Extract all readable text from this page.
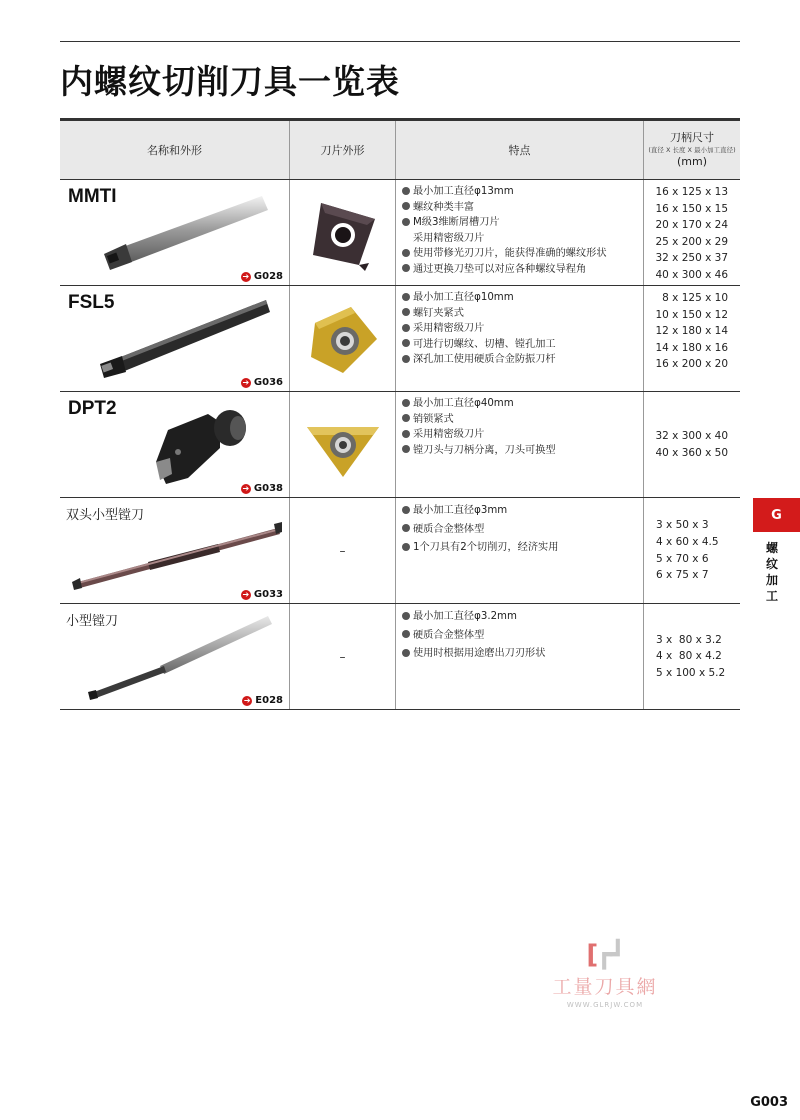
内螺纹切削刀具一览表
名称和外形	刀片外形	特点
刀柄尺寸
(直径 X 长度 X 最小加工直径)
(mm)
MMTI
➔ G028
最小加工直径φ13mm
螺纹种类丰富
M级3维断屑槽刀片
采用精密级刀片
使用带修光刃刀片，能获得准确的螺纹形状
通过更换刀垫可以对应各种螺纹导程角
16 x 125 x 13
16 x 150 x 15
20 x 170 x 24
25 x 200 x 29
32 x 250 x 37
40 x 300 x 46
FSL5
➔ G036
最小加工直径φ10mm
螺钉夹紧式
采用精密级刀片
可进行切螺纹、切槽、镗孔加工
深孔加工使用硬质合金防振刀杆
8 x 125 x 10
10 x 150 x 12
12 x 180 x 14
14 x 180 x 16
16 x 200 x 20
DPT2
➔ G038
最小加工直径φ40mm
销锁紧式
采用精密级刀片
镗刀头与刀柄分离，刀头可换型
32 x 300 x 40
40 x 360 x 50
双头小型镗刀
➔ G033
–
最小加工直径φ3mm
硬质合金整体型
1个刀具有2个切削刃，经济实用
3 x 50 x 3
4 x 60 x 4.5
5 x 70 x 6
6 x 75 x 7
小型镗刀
➔ E028
–
最小加工直径φ3.2mm
硬质合金整体型
使用时根据用途磨出刀刃形状
3 x  80 x 3.2
4 x  80 x 4.2
5 x 100 x 5.2
G
螺纹加工
[┏┛
工量刀具網
WWW.GLRJW.COM
G003
